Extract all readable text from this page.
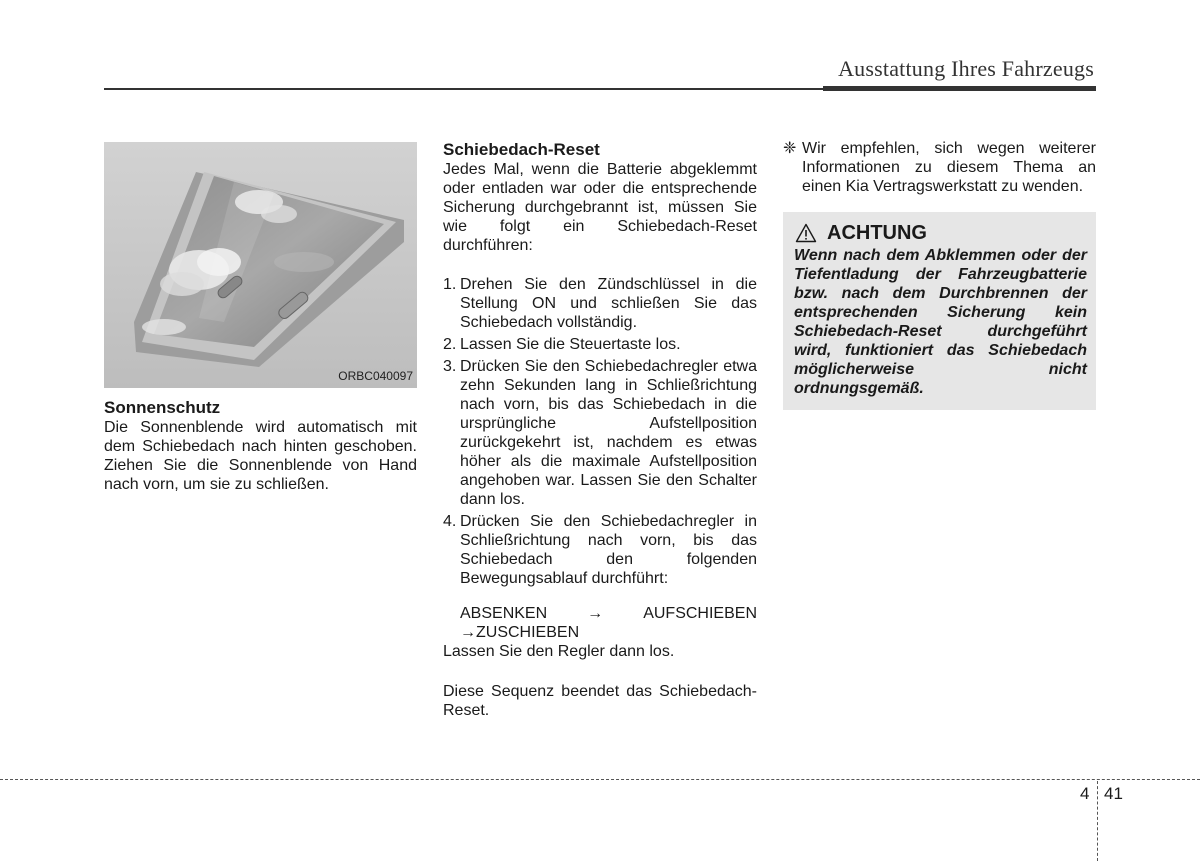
Ausstattung Ihres Fahrzeugs
ORBC040097

Sonnenschutz

Die Sonnenblende wird automatisch mit dem Schiebedach nach hinten geschoben. Ziehen Sie die Sonnenblende von Hand nach vorn, um sie zu schließen.

Schiebedach-Reset

Jedes Mal, wenn die Batterie abgeklemmt oder entladen war oder die entsprechende Sicherung durchgebrannt ist, müssen Sie wie folgt ein Schiebedach-Reset durchführen:

1. Drehen Sie den Zündschlüssel in die Stellung ON und schließen Sie das Schiebedach vollständig.
2. Lassen Sie die Steuertaste los.
3. Drücken Sie den Schiebedachregler etwa zehn Sekunden lang in Schließrichtung nach vorn, bis das Schiebedach in die ursprüngliche Aufstellposition zurückgekehrt ist, nachdem es etwas höher als die maximale Aufstellposition angehoben war. Lassen Sie den Schalter dann los.
4. Drücken Sie den Schiebedachregler in Schließrichtung nach vorn, bis das Schiebedach den folgenden Bewegungsablauf durchführt:
ABSENKEN	→	AUFSCHIEBEN
→ZUSCHIEBEN

Lassen Sie den Regler dann los.

Diese Sequenz beendet das Schiebedach-Reset.

❈ Wir empfehlen, sich wegen weiterer Informationen zu diesem Thema an einen Kia Vertragswerkstatt zu wenden.
ACHTUNG

Wenn nach dem Abklemmen oder der Tiefentladung der Fahrzeugbatterie bzw. nach dem Durchbrennen der entsprechenden Sicherung kein Schiebedach-Reset durchgeführt wird, funktioniert das Schiebedach möglicherweise nicht ordnungsgemäß.

4 41
